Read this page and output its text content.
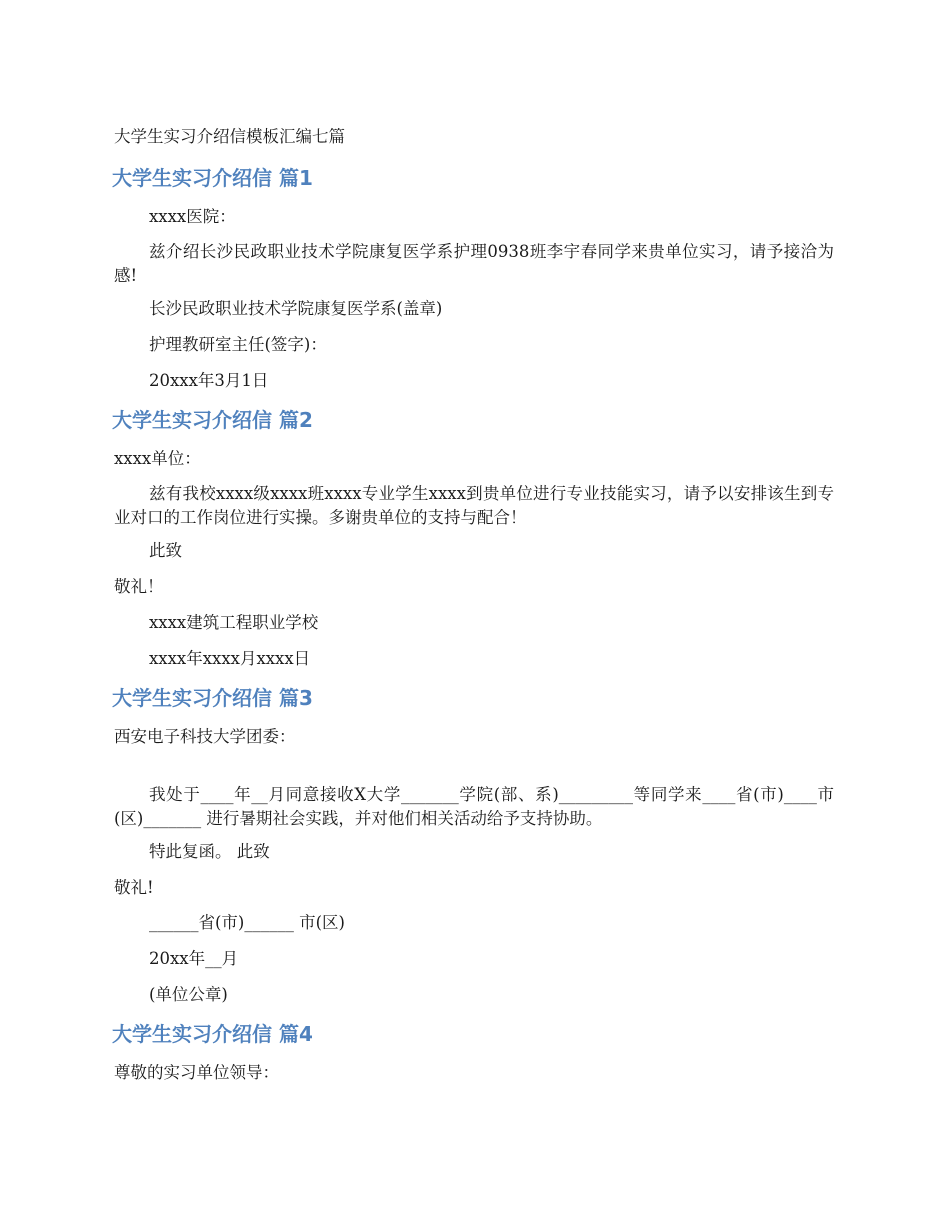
大学生实习介绍信模板汇编七篇
大学生实习介绍信 篇1
xxxx医院：
兹介绍长沙民政职业技术学院康复医学系护理0938班李宇春同学来贵单位实习，请予接洽为感!
长沙民政职业技术学院康复医学系(盖章)
护理教研室主任(签字)：
20xxx年3月1日
大学生实习介绍信 篇2
xxxx单位：
兹有我校xxxx级xxxx班xxxx专业学生xxxx到贵单位进行专业技能实习，请予以安排该生到专业对口的工作岗位进行实操。多谢贵单位的支持与配合！
此致
敬礼！
xxxx建筑工程职业学校
xxxx年xxxx月xxxx日
大学生实习介绍信 篇3
西安电子科技大学团委：
我处于____年__月同意接收X大学_______学院(部、系)_________等同学来____省(市)____市(区)_______ 进行暑期社会实践，并对他们相关活动给予支持协助。
特此复函。 此致
敬礼!
______省(市)______ 市(区)
20xx年__月
(单位公章)
大学生实习介绍信 篇4
尊敬的实习单位领导：
